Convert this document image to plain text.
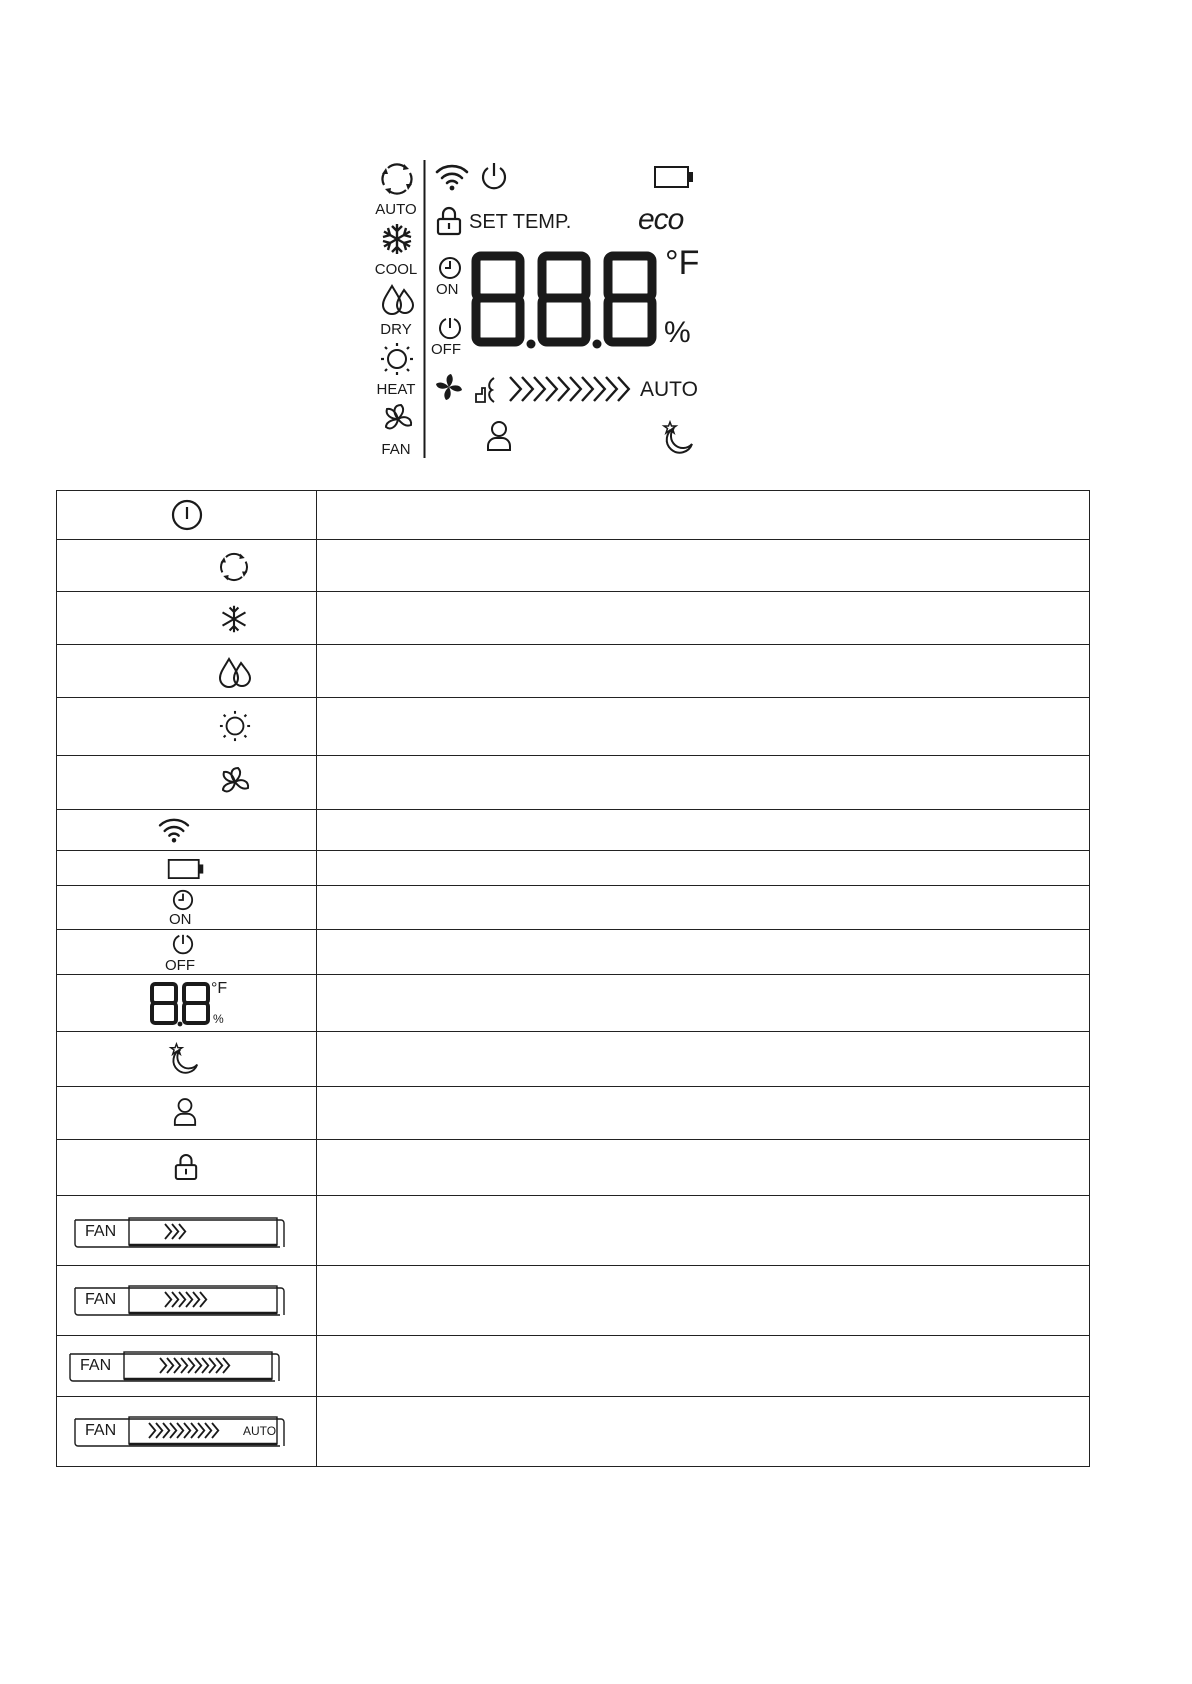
AUTO
COOL
DRY
HEAT
FAN
SET TEMP. eco
ON
OFF
°F
%
AUTO
ON
OFF
°F
%
FAN
FAN
FAN
FAN	AUTO
